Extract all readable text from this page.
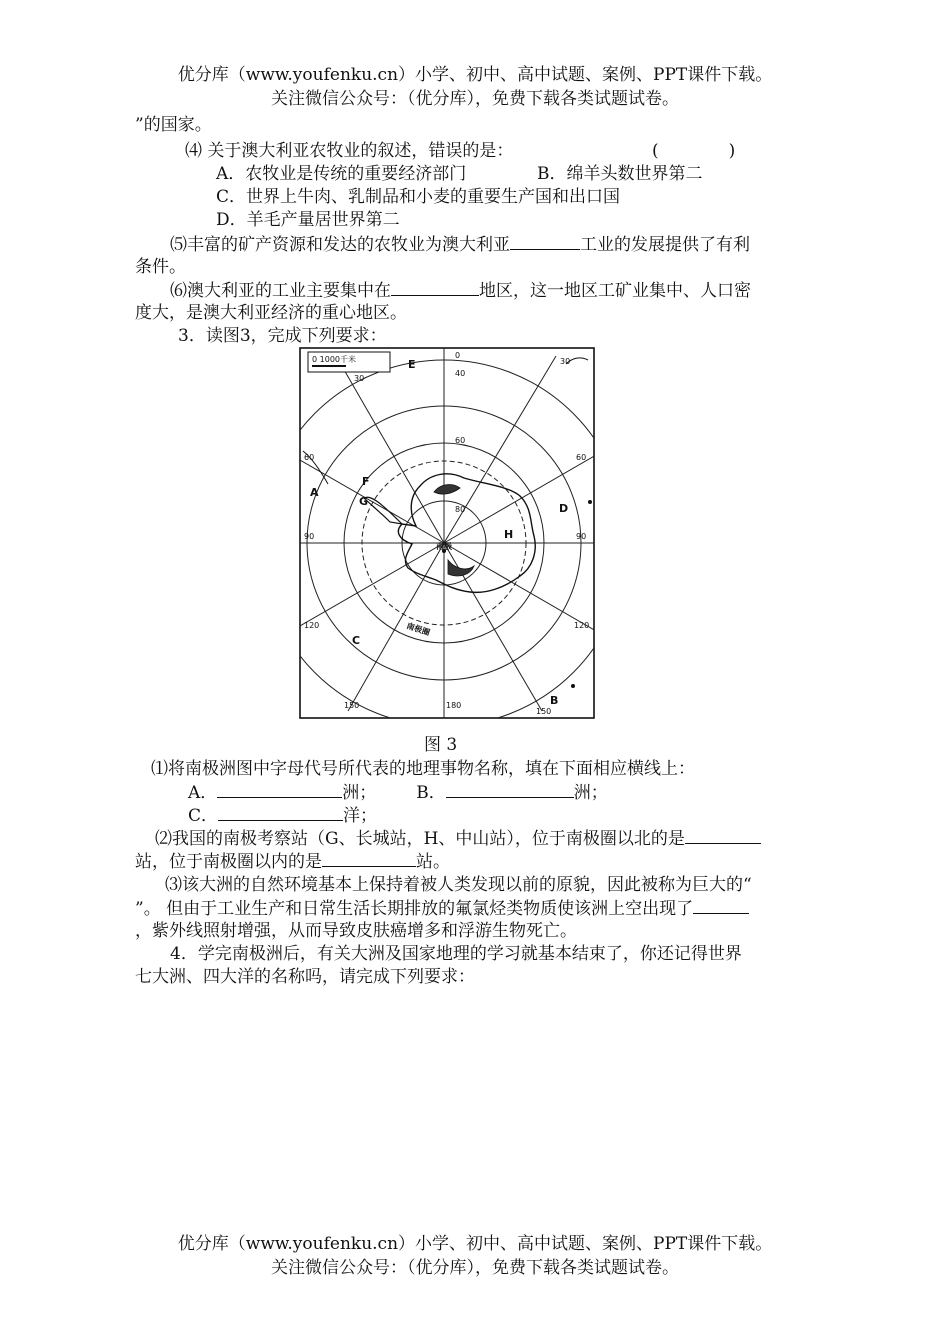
优分库（www.youfenku.cn）小学、初中、高中试题、案例、PPT课件下载。
关注微信公众号：（优分库），免费下载各类试题试卷。
”的国家。
⑷ 关于澳大利亚农牧业的叙述，错误的是：	(	)
A．农牧业是传统的重要经济部门	B．绵羊头数世界第二
C．世界上牛肉、乳制品和小麦的重要生产国和出口国
D．羊毛产量居世界第二
⑸丰富的矿产资源和发达的农牧业为澳大利亚	工业的发展提供了有利
条件。
⑹澳大利亚的工业主要集中在	地区，这一地区工矿业集中、人口密
度大，是澳大利亚经济的重心地区。
3．读图3，完成下列要求：
0 1000千米	0
40
60
80
30
30
60	60
90	90
120	120
150
150
180
A
B
C
D
E
F
G
H
南极
南极圈
图 3
⑴将南极洲图中字母代号所代表的地理事物名称，填在下面相应横线上：
A．	洲； B．	洲；
C．	洋；
⑵我国的南极考察站（G、长城站，H、中山站），位于南极圈以北的是
站，位于南极圈以内的是	站。
⑶该大洲的自然环境基本上保持着被人类发现以前的原貌，因此被称为巨大的“
”。 但由于工业生产和日常生活长期排放的氟氯烃类物质使该洲上空出现了
，紫外线照射增强，从而导致皮肤癌增多和浮游生物死亡。
4．学完南极洲后，有关大洲及国家地理的学习就基本结束了，你还记得世界
七大洲、四大洋的名称吗，请完成下列要求：
优分库（www.youfenku.cn）小学、初中、高中试题、案例、PPT课件下载。
关注微信公众号：（优分库），免费下载各类试题试卷。
